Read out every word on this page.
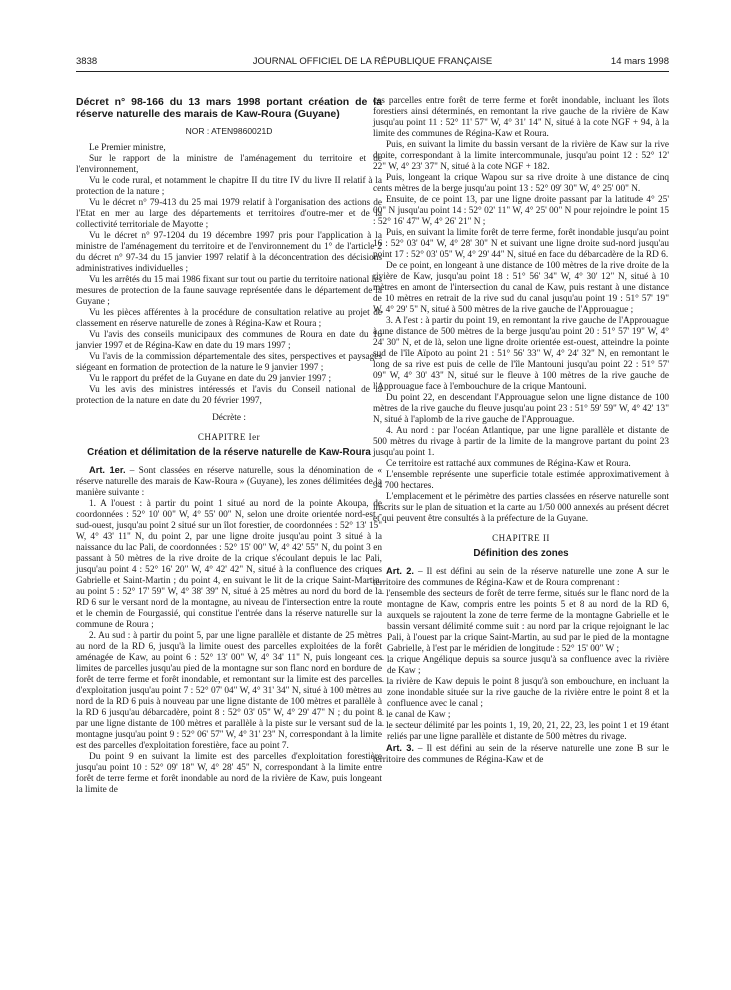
3838	JOURNAL OFFICIEL DE LA RÉPUBLIQUE FRANÇAISE	14 mars 1998

Décret n° 98-166 du 13 mars 1998 portant création de la réserve naturelle des marais de Kaw-Roura (Guyane)

NOR : ATEN9860021D

Le Premier ministre,

Sur le rapport de la ministre de l'aménagement du territoire et de l'environnement,

Vu le code rural, et notamment le chapitre II du titre IV du livre II relatif à la protection de la nature ;

Vu le décret n° 79-413 du 25 mai 1979 relatif à l'organisation des actions de l'Etat en mer au large des départements et territoires d'outre-mer et de la collectivité territoriale de Mayotte ;

Vu le décret n° 97-1204 du 19 décembre 1997 pris pour l'application à la ministre de l'aménagement du territoire et de l'environnement du 1° de l'article 2 du décret n° 97-34 du 15 janvier 1997 relatif à la déconcentration des décisions administratives individuelles ;

Vu les arrêtés du 15 mai 1986 fixant sur tout ou partie du territoire national les mesures de protection de la faune sauvage représentée dans le département de la Guyane ;

Vu les pièces afférentes à la procédure de consultation relative au projet de classement en réserve naturelle de zones à Régina-Kaw et Roura ;

Vu l'avis des conseils municipaux des communes de Roura en date du 16 janvier 1997 et de Régina-Kaw en date du 19 mars 1997 ;

Vu l'avis de la commission départementale des sites, perspectives et paysages siégeant en formation de protection de la nature le 9 janvier 1997 ;

Vu le rapport du préfet de la Guyane en date du 29 janvier 1997 ;

Vu les avis des ministres intéressés et l'avis du Conseil national de la protection de la nature en date du 20 février 1997,

Décrète :

CHAPITRE Ier

Création et délimitation de la réserve naturelle de Kaw-Roura

Art. 1er. – Sont classées en réserve naturelle, sous la dénomination de « réserve naturelle des marais de Kaw-Roura » (Guyane), les zones délimitées de la manière suivante :

1. A l'ouest : à partir du point 1 situé au nord de la pointe Akoupa, de coordonnées : 52° 10' 00" W, 4° 55' 00" N, selon une droite orientée nord-est - sud-ouest, jusqu'au point 2 situé sur un îlot forestier, de coordonnées : 52° 13' 15" W, 4° 43' 11" N, du point 2, par une ligne droite jusqu'au point 3 situé à la naissance du lac Pali, de coordonnées : 52° 15' 00" W, 4° 42' 55" N, du point 3 en passant à 50 mètres de la rive droite de la crique s'écoulant depuis le lac Pali, jusqu'au point 4 : 52° 16' 20" W, 4° 42' 42" N, situé à la confluence des criques Gabrielle et Saint-Martin ; du point 4, en suivant le lit de la crique Saint-Martin, au point 5 : 52° 17' 59" W, 4° 38' 39" N, situé à 25 mètres au nord du bord de la RD 6 sur le versant nord de la montagne, au niveau de l'intersection entre la route et le chemin de Fourgassié, qui constitue l'entrée dans la réserve naturelle sur la commune de Roura ;

2. Au sud : à partir du point 5, par une ligne parallèle et distante de 25 mètres au nord de la RD 6, jusqu'à la limite ouest des parcelles exploitées de la forêt aménagée de Kaw, au point 6 : 52° 13' 00" W, 4° 34' 11" N, puis longeant ces limites de parcelles jusqu'au pied de la montagne sur son flanc nord en bordure de forêt de terre ferme et forêt inondable, et remontant sur la limite est des parcelles d'exploitation jusqu'au point 7 : 52° 07' 04" W, 4° 31' 34" N, situé à 100 mètres au nord de la RD 6 puis à nouveau par une ligne distante de 100 mètres et parallèle à la RD 6 jusqu'au débarcadère, point 8 : 52° 03' 05" W, 4° 29' 47" N ; du point 8 par une ligne distante de 100 mètres et parallèle à la piste sur le versant sud de la montagne jusqu'au point 9 : 52° 06' 57" W, 4° 31' 23" N, correspondant à la limite est des parcelles d'exploitation forestière, face au point 7.

Du point 9 en suivant la limite est des parcelles d'exploitation forestière jusqu'au point 10 : 52° 09' 18" W, 4° 28' 45" N, correspondant à la limite entre forêt de terre ferme et forêt inondable au nord de la rivière de Kaw, puis longeant la limite de

ces parcelles entre forêt de terre ferme et forêt inondable, incluant les îlots forestiers ainsi déterminés, en remontant la rive gauche de la rivière de Kaw jusqu'au point 11 : 52° 11' 57" W, 4° 31' 14" N, situé à la cote NGF + 94, à la limite des communes de Régina-Kaw et Roura.

Puis, en suivant la limite du bassin versant de la rivière de Kaw sur la rive droite, correspondant à la limite intercommunale, jusqu'au point 12 : 52° 12' 22" W, 4° 23' 37" N, situé à la cote NGF + 182.

Puis, longeant la crique Wapou sur sa rive droite à une distance de cinq cents mètres de la berge jusqu'au point 13 : 52° 09' 30" W, 4° 25' 00" N.

Ensuite, de ce point 13, par une ligne droite passant par la latitude 4° 25' 00" N jusqu'au point 14 : 52° 02' 11" W, 4° 25' 00" N pour rejoindre le point 15 : 52° 16' 47" W, 4° 26' 21" N ;

Puis, en suivant la limite forêt de terre ferme, forêt inondable jusqu'au point 16 : 52° 03' 04" W, 4° 28' 30" N et suivant une ligne droite sud-nord jusqu'au point 17 : 52° 03' 05" W, 4° 29' 44" N, situé en face du débarcadère de la RD 6.

De ce point, en longeant à une distance de 100 mètres de la rive droite de la rivière de Kaw, jusqu'au point 18 : 51° 56' 34" W, 4° 30' 12" N, situé à 10 mètres en amont de l'intersection du canal de Kaw, puis restant à une distance de 10 mètres en retrait de la rive sud du canal jusqu'au point 19 : 51° 57' 19" W, 4° 29' 5" N, situé à 500 mètres de la rive gauche de l'Approuague ;

3. A l'est : à partir du point 19, en remontant la rive gauche de l'Approuague à une distance de 500 mètres de la berge jusqu'au point 20 : 51° 57' 19" W, 4° 24' 30" N, et de là, selon une ligne droite orientée est-ouest, atteindre la pointe sud de l'île Aïpoto au point 21 : 51° 56' 33" W, 4° 24' 32" N, en remontant le long de sa rive est puis de celle de l'île Mantouni jusqu'au point 22 : 51° 57' 09" W, 4° 30' 43" N, situé sur le fleuve à 100 mètres de la rive gauche de l'Approuague face à l'embouchure de la crique Mantouni.

Du point 22, en descendant l'Approuague selon une ligne distance de 100 mètres de la rive gauche du fleuve jusqu'au point 23 : 51° 59' 59" W, 4° 42' 13" N, situé à l'aplomb de la rive gauche de l'Approuague.

4. Au nord : par l'océan Atlantique, par une ligne parallèle et distante de 500 mètres du rivage à partir de la limite de la mangrove partant du point 23 jusqu'au point 1.

Ce territoire est rattaché aux communes de Régina-Kaw et Roura.

L'ensemble représente une superficie totale estimée approximativement à 94 700 hectares.

L'emplacement et le périmètre des parties classées en réserve naturelle sont inscrits sur le plan de situation et la carte au 1/50 000 annexés au présent décret et qui peuvent être consultés à la préfecture de la Guyane.

CHAPITRE II

Définition des zones

Art. 2. – Il est défini au sein de la réserve naturelle une zone A sur le territoire des communes de Régina-Kaw et de Roura comprenant :

– l'ensemble des secteurs de forêt de terre ferme, situés sur le flanc nord de la montagne de Kaw, compris entre les points 5 et 8 au nord de la RD 6, auxquels se rajoutent la zone de terre ferme de la montagne Gabrielle et le bassin versant délimité comme suit : au nord par la crique rejoignant le lac Pali, à l'ouest par la crique Saint-Martin, au sud par le pied de la montagne Gabrielle, à l'est par le méridien de longitude : 52° 15' 00" W ;

– la crique Angélique depuis sa source jusqu'à sa confluence avec la rivière de Kaw ;

– la rivière de Kaw depuis le point 8 jusqu'à son embouchure, en incluant la zone inondable située sur la rive gauche de la rivière entre le point 8 et la confluence avec le canal ;

– le canal de Kaw ;

– le secteur délimité par les points 1, 19, 20, 21, 22, 23, les point 1 et 19 étant reliés par une ligne parallèle et distante de 500 mètres du rivage.

Art. 3. – Il est défini au sein de la réserve naturelle une zone B sur le territoire des communes de Régina-Kaw et de
